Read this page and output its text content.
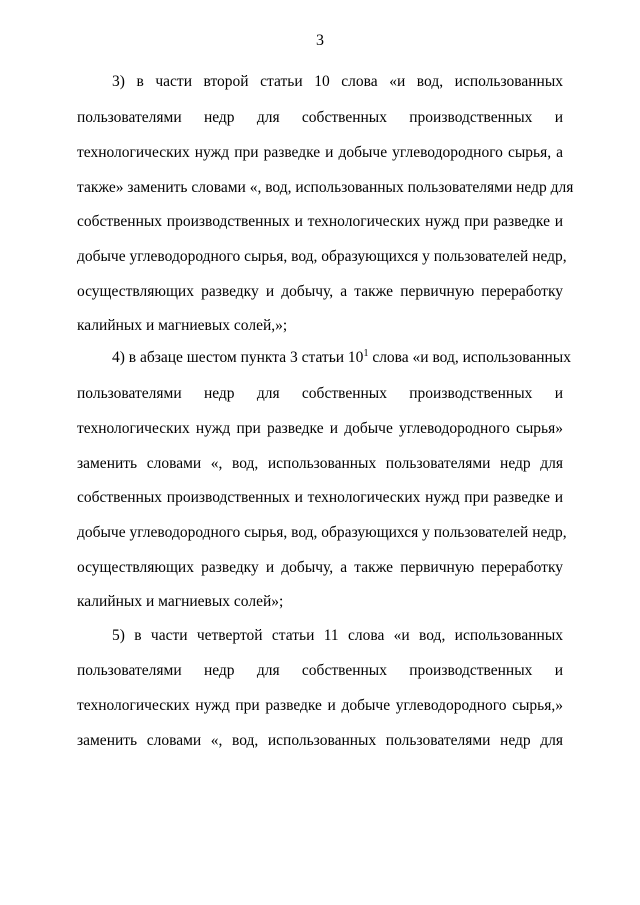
3
3) в части второй статьи 10 слова «и вод, использованных
пользователями недр для собственных производственных и
технологических нужд при разведке и добыче углеводородного сырья, а
также» заменить словами «, вод, использованных пользователями недр для
собственных производственных и технологических нужд при разведке и
добыче углеводородного сырья, вод, образующихся у пользователей недр,
осуществляющих разведку и добычу, а также первичную переработку
калийных и магниевых солей,»;
4) в абзаце шестом пункта 3 статьи $10^1$ слова «и вод, использованных
пользователями недр для собственных производственных и
технологических нужд при разведке и добыче углеводородного сырья»
заменить словами «, вод, использованных пользователями недр для
собственных производственных и технологических нужд при разведке и
добыче углеводородного сырья, вод, образующихся у пользователей недр,
осуществляющих разведку и добычу, а также первичную переработку
калийных и магниевых солей»;
5) в части четвертой статьи 11 слова «и вод, использованных
пользователями недр для собственных производственных и
технологических нужд при разведке и добыче углеводородного сырья,»
заменить словами «, вод, использованных пользователями недр для
